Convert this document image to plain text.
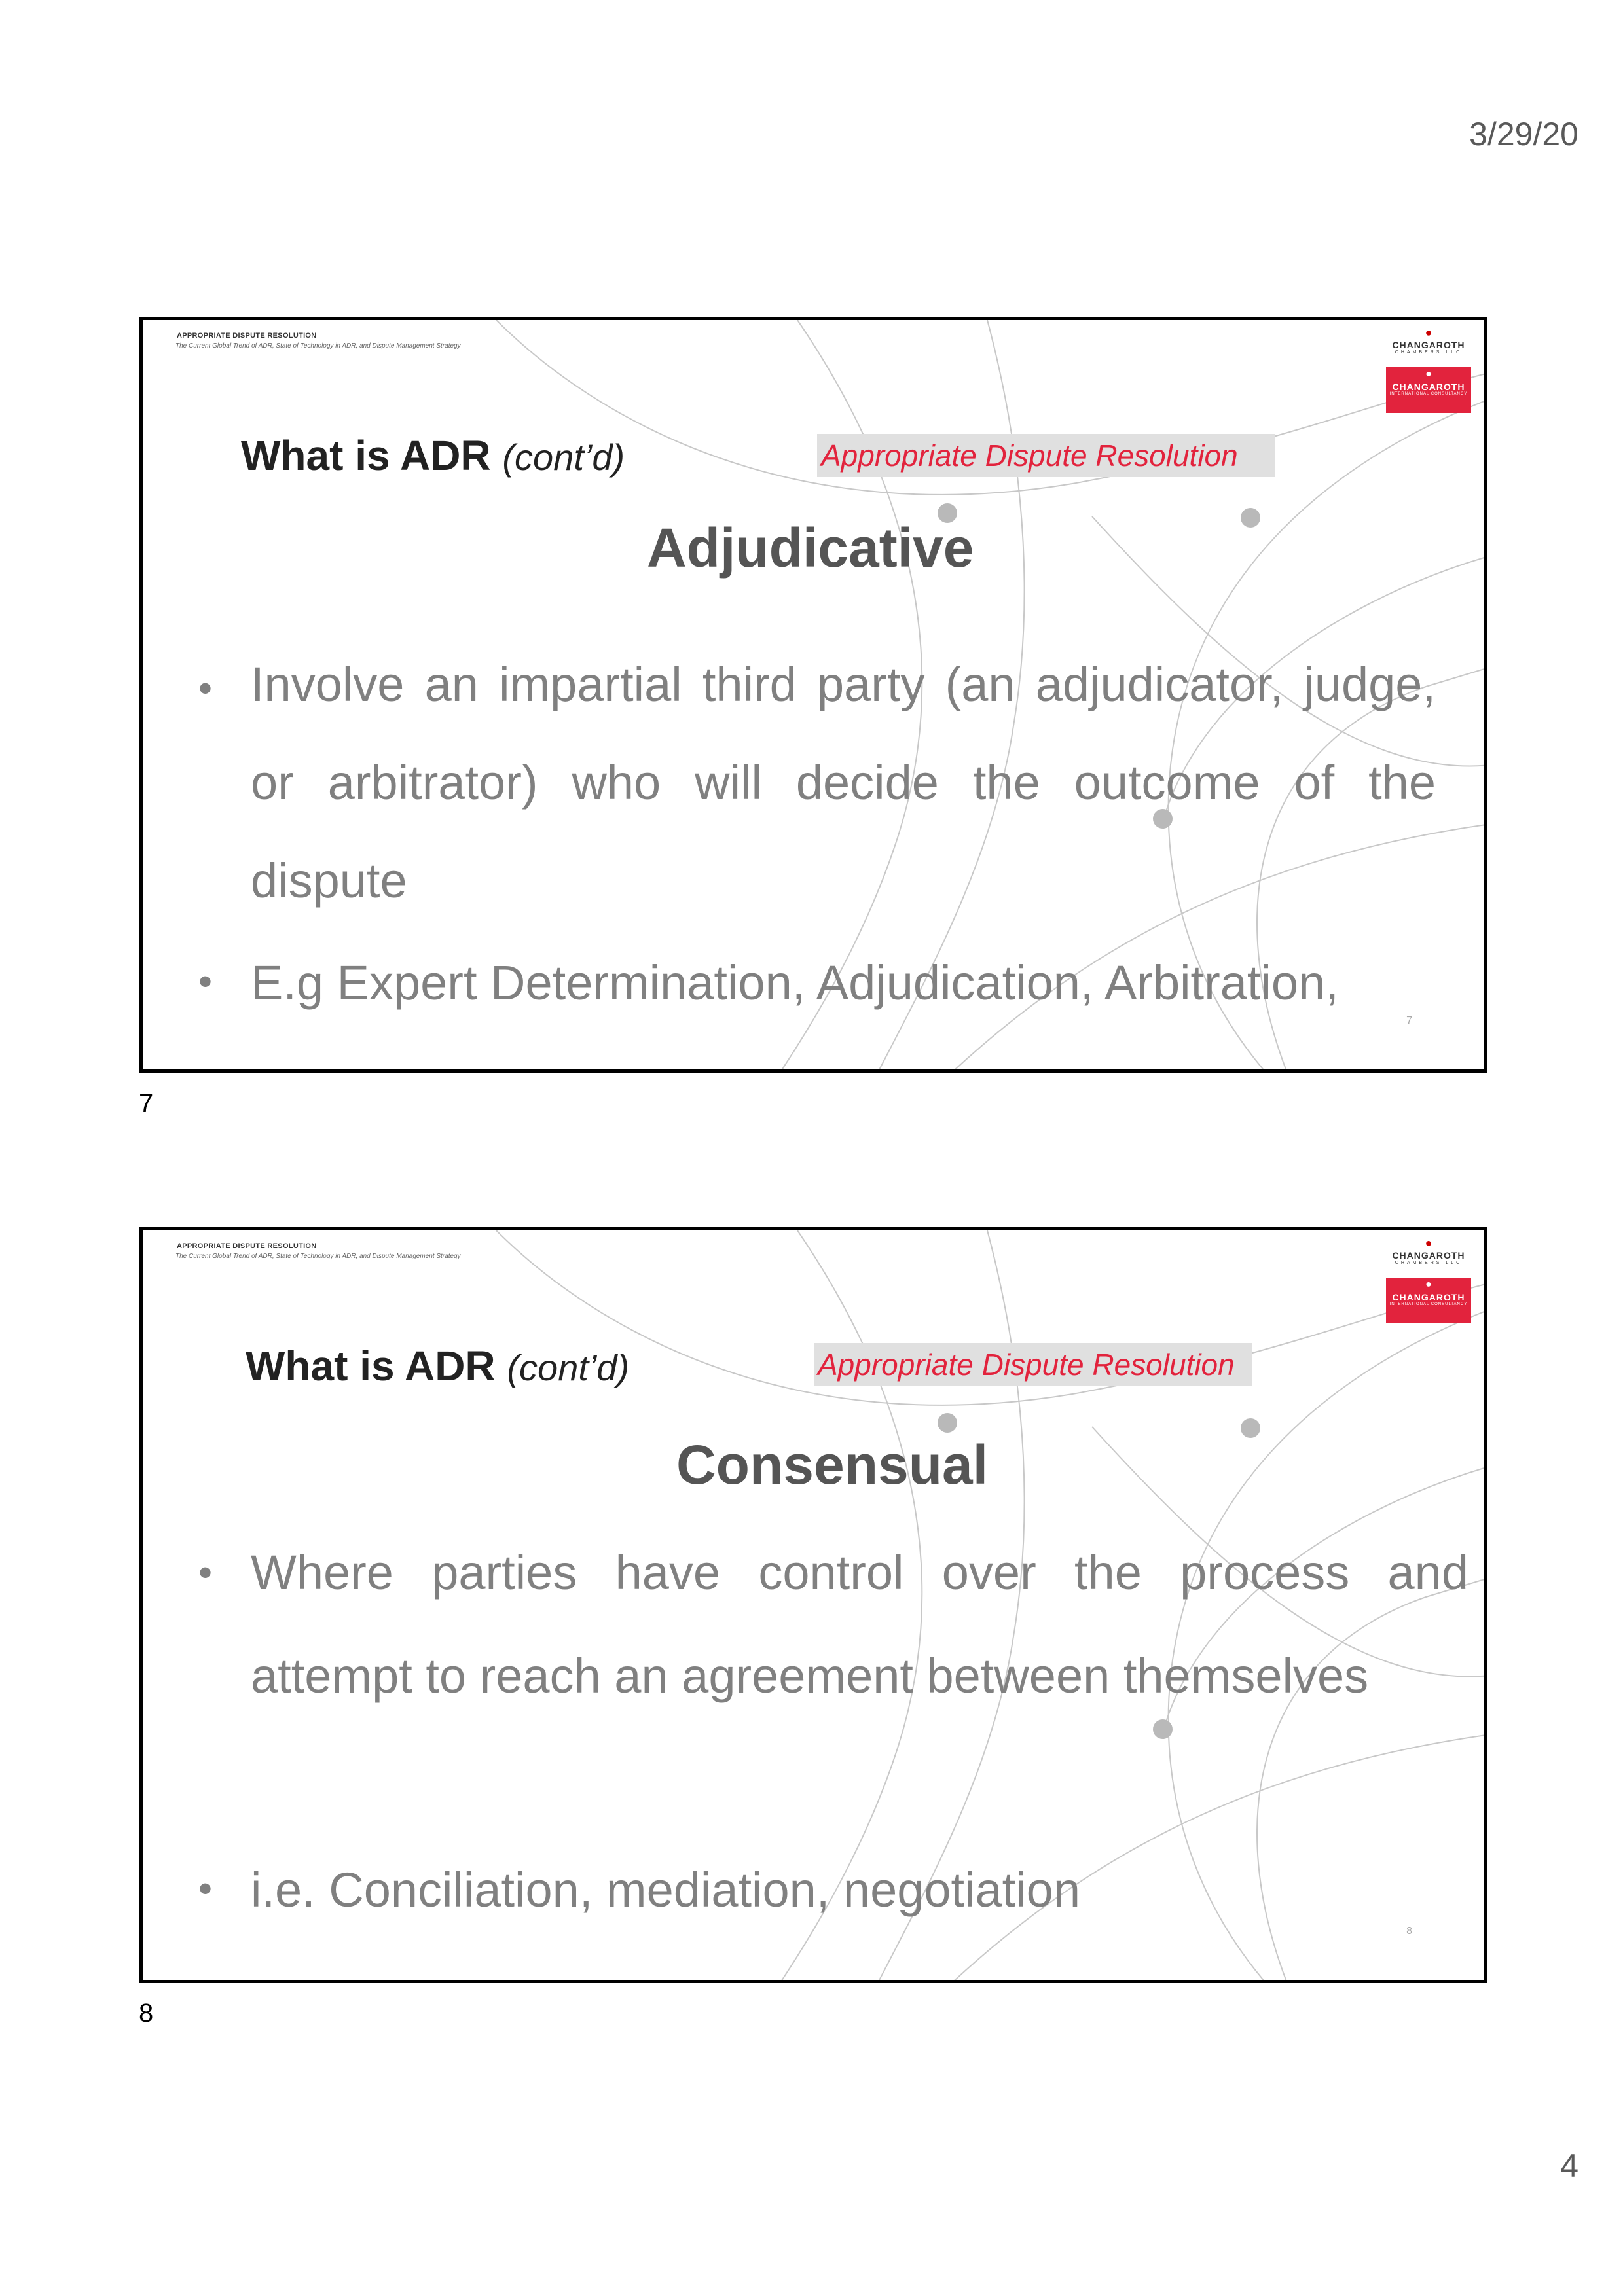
3/29/20
APPROPRIATE DISPUTE RESOLUTION
The Current Global Trend of ADR, State of Technology in ADR, and Dispute Management Strategy
●
CHANGAROTH
CHAMBERS LLC
●
CHANGAROTH
INTERNATIONAL CONSULTANCY
What is ADR (cont’d)	Appropriate Dispute Resolution
Adjudicative
• Involve an impartial third party (an adjudicator, judge, or arbitrator) who will decide the outcome of the dispute
• E.g Expert Determination, Adjudication, Arbitration,
7
7
APPROPRIATE DISPUTE RESOLUTION
The Current Global Trend of ADR, State of Technology in ADR, and Dispute Management Strategy
●
CHANGAROTH
CHAMBERS LLC
●
CHANGAROTH
INTERNATIONAL CONSULTANCY
What is ADR (cont’d)	Appropriate Dispute Resolution
Consensual
• Where parties have control over the process and attempt to reach an agreement between themselves
• i.e. Conciliation, mediation, negotiation
8
8
4
